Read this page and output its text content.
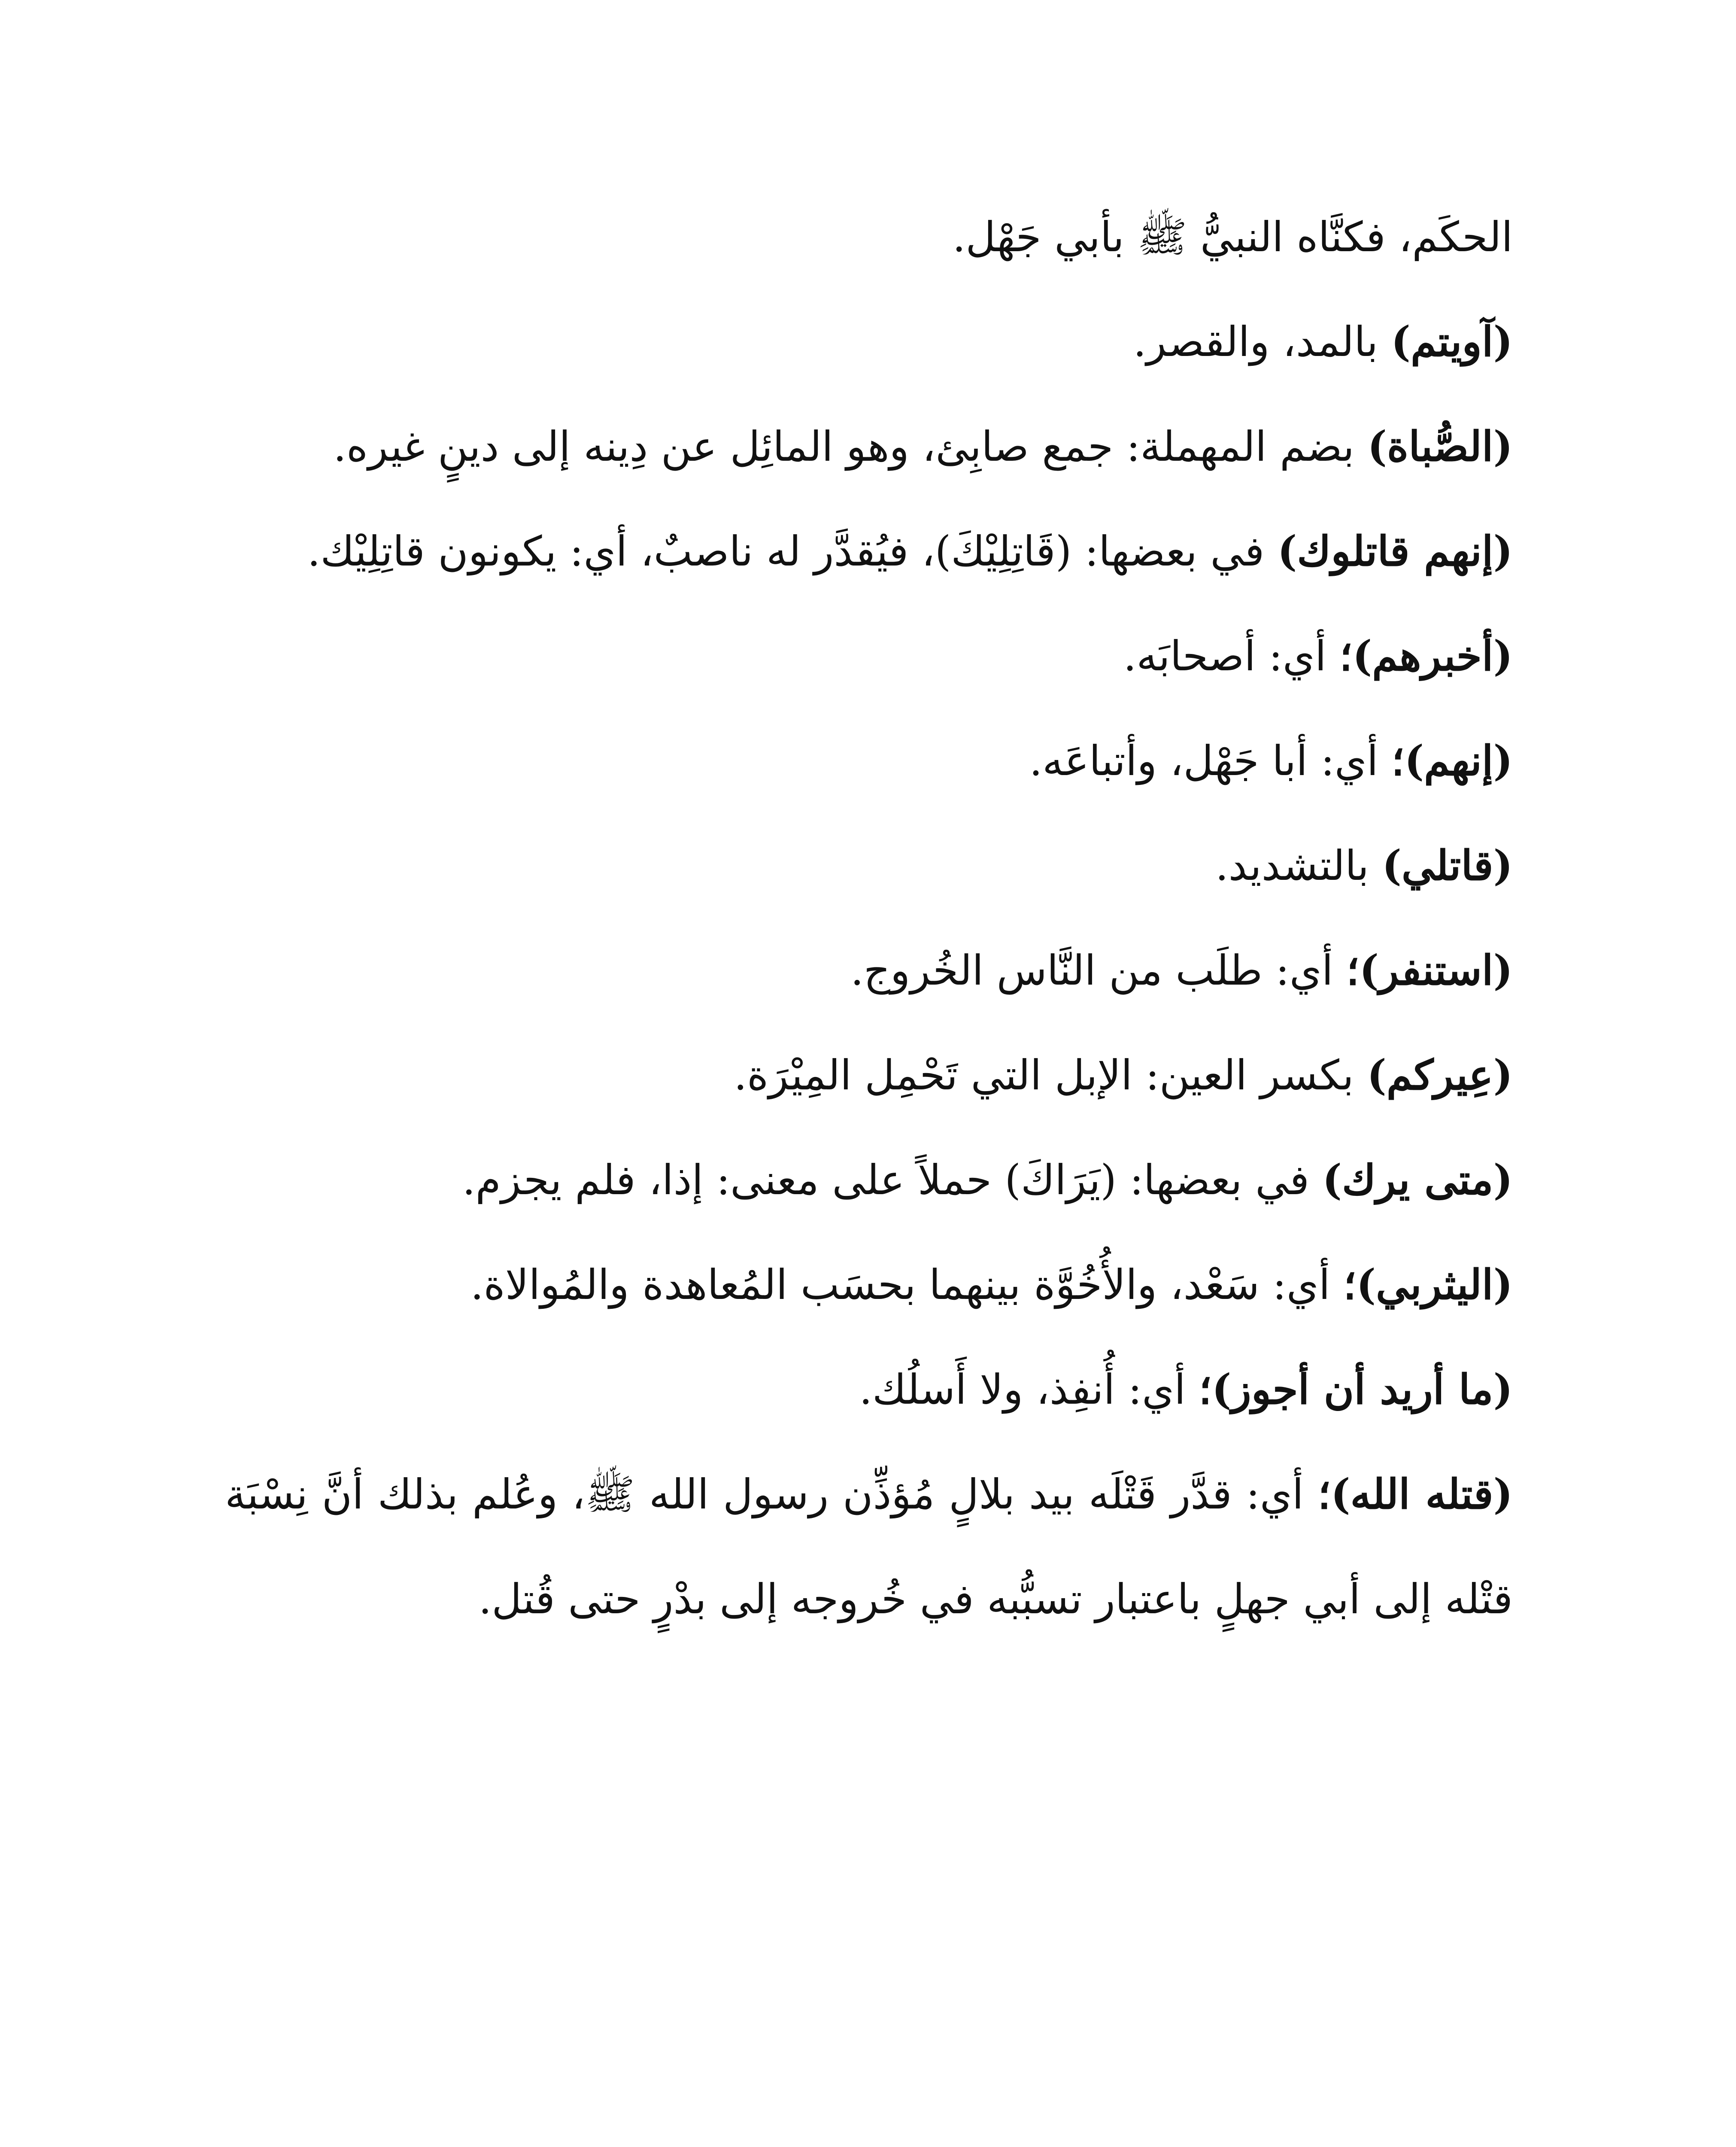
الحكَم، فكنَّاه النبيُّ ﷺ بأبي جَهْل.

(آويتم) بالمد، والقصر.

(الصُّباة) بضم المهملة: جمع صابِئ، وهو المائِل عن دِينه إلى دينٍ غيره.

(إنهم قاتلوك) في بعضها: (قَاتِلِيْكَ)، فيُقدَّر له ناصبٌ، أي: يكونون قاتِلِيْك.

(أخبرهم)؛ أي: أصحابَه.

(إنهم)؛ أي: أبا جَهْل، وأتباعَه.

(قاتلي) بالتشديد.

(استنفر)؛ أي: طلَب من النَّاس الخُروج.

(عِيركم) بكسر العين: الإبل التي تَحْمِل المِيْرَة.

(متى يرك) في بعضها: (يَرَاكَ) حملاً على معنى: إذا، فلم يجزم.

(اليثربي)؛ أي: سَعْد، والأُخُوَّة بينهما بحسَب المُعاهدة والمُوالاة.

(ما أريد أن أجوز)؛ أي: أُنفِذ، ولا أَسلُك.

(قتله الله)؛ أي: قدَّر قَتْلَه بيد بلالٍ مُؤذِّن رسول الله ﷺ، وعُلم بذلك أنَّ نِسْبَة قتْله إلى أبي جهلٍ باعتبار تسبُّبه في خُروجه إلى بدْرٍ حتى قُتل.
